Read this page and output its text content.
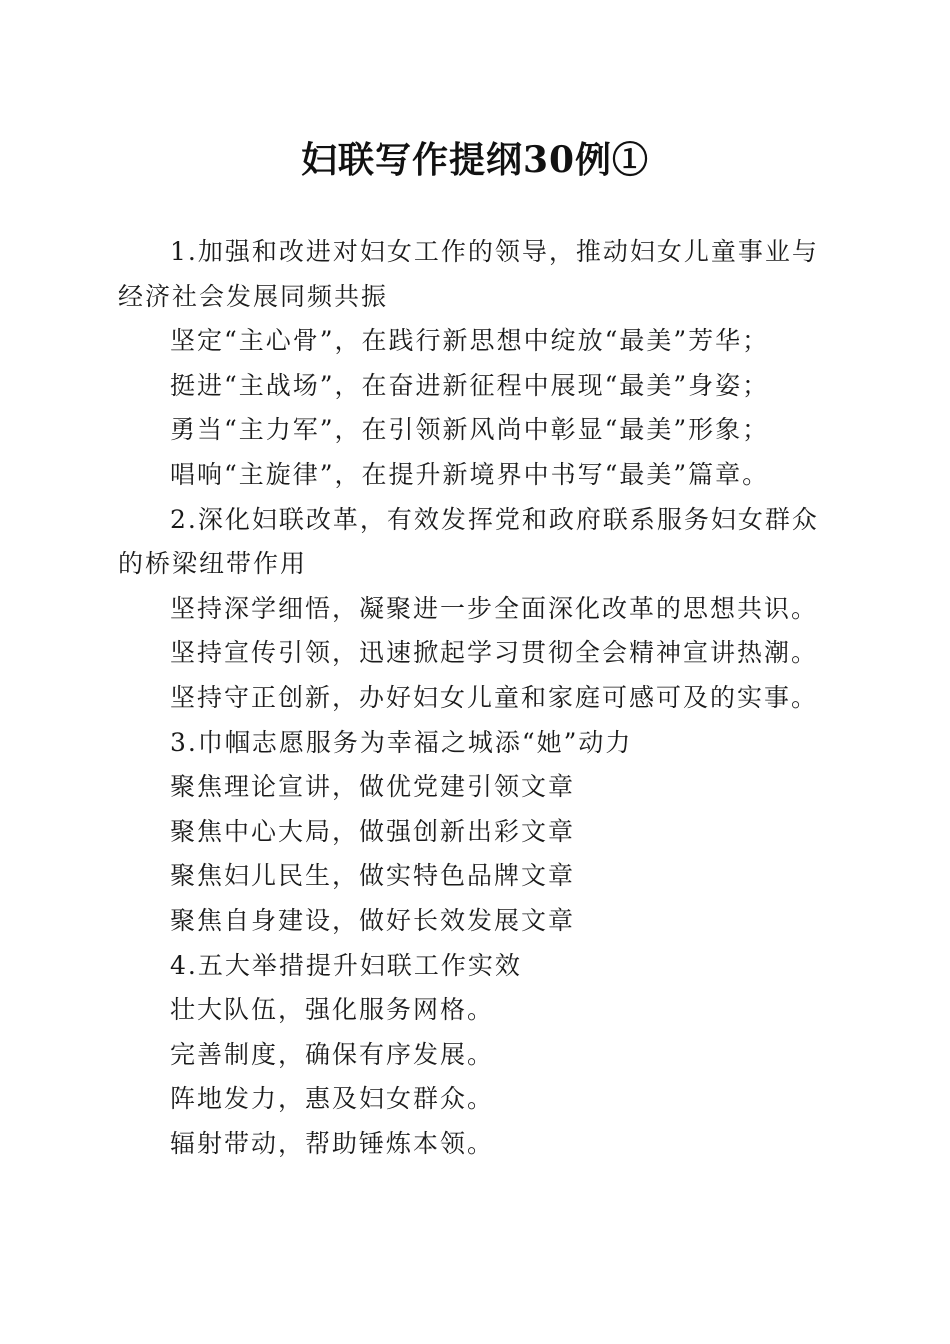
妇联写作提纲30例①

1.加强和改进对妇女工作的领导，推动妇女儿童事业与经济社会发展同频共振

坚定“主心骨”，在践行新思想中绽放“最美”芳华；

挺进“主战场”，在奋进新征程中展现“最美”身姿；

勇当“主力军”，在引领新风尚中彰显“最美”形象；

唱响“主旋律”，在提升新境界中书写“最美”篇章。

2.深化妇联改革，有效发挥党和政府联系服务妇女群众的桥梁纽带作用

坚持深学细悟，凝聚进一步全面深化改革的思想共识。

坚持宣传引领，迅速掀起学习贯彻全会精神宣讲热潮。

坚持守正创新，办好妇女儿童和家庭可感可及的实事。

3.巾帼志愿服务为幸福之城添“她”动力

聚焦理论宣讲，做优党建引领文章

聚焦中心大局，做强创新出彩文章

聚焦妇儿民生，做实特色品牌文章

聚焦自身建设，做好长效发展文章

4.五大举措提升妇联工作实效

壮大队伍，强化服务网格。

完善制度，确保有序发展。

阵地发力，惠及妇女群众。

辐射带动，帮助锤炼本领。
